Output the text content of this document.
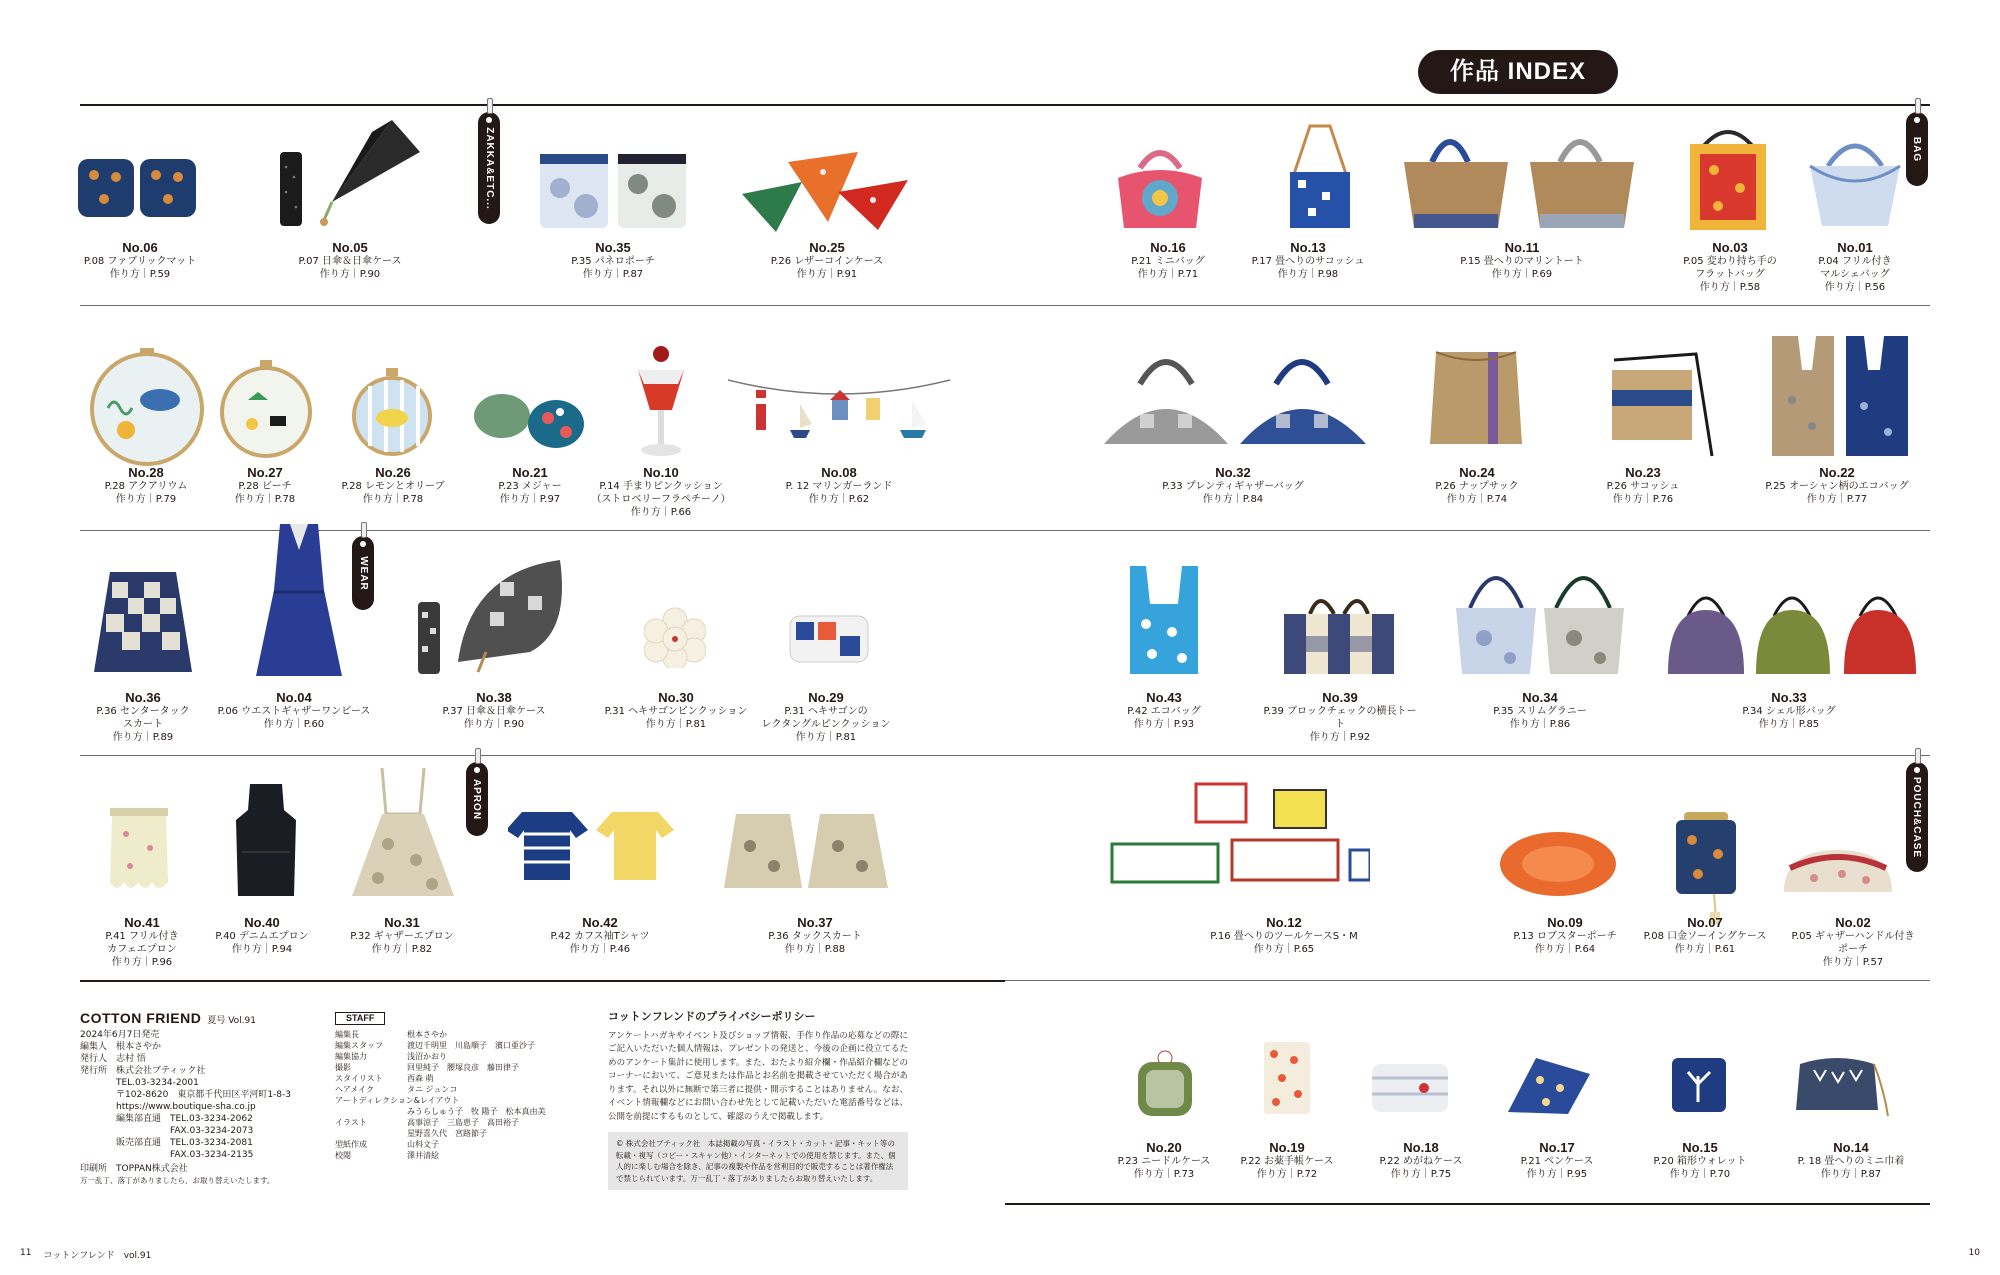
作品 INDEX
ZAKKA&ETC...	BAG
WEAR
APRON	POUCH&CASE
No.06
P.08 ファブリックマット
作り方｜P.59
No.05
P.07 日傘＆日傘ケース
作り方｜P.90
No.35
P.35 パネロポーチ
作り方｜P.87
No.25
P.26 レザーコインケース
作り方｜P.91
No.16
P.21 ミニバッグ
作り方｜P.71
No.13
P.17 畳へりのサコッシュ
作り方｜P.98
No.11
P.15 畳へりのマリントート
作り方｜P.69
No.03
P.05 変わり持ち手の
フラットバッグ
作り方｜P.58
No.01
P.04 フリル付き
マルシェバッグ
作り方｜P.56
No.28
P.28 アクアリウム
作り方｜P.79
No.27
P.28 ビーチ
作り方｜P.78
No.26
P.28 レモンとオリーブ
作り方｜P.78
No.21
P.23 メジャー
作り方｜P.97
No.10
P.14 手まりピンクッション
（ストロベリーフラペチーノ）
作り方｜P.66
No.08
P. 12 マリンガーランド
作り方｜P.62
No.32
P.33 プレンティギャザーバッグ
作り方｜P.84
No.24
P.26 ナップサック
作り方｜P.74
No.23
P.26 サコッシュ
作り方｜P.76
No.22
P.25 オーシャン柄のエコバッグ
作り方｜P.77
No.36
P.36 センタータック
スカート
作り方｜P.89
No.04
P.06 ウエストギャザーワンピース
作り方｜P.60
No.38
P.37 日傘＆日傘ケース
作り方｜P.90
No.30
P.31 ヘキサゴンピンクッション
作り方｜P.81
No.29
P.31 ヘキサゴンの
レクタングルピンクッション
作り方｜P.81
No.43
P.42 エコバッグ
作り方｜P.93
No.39
P.39 ブロックチェックの横長トート
作り方｜P.92
No.34
P.35 スリムグラニー
作り方｜P.86
No.33
P.34 シェル形バッグ
作り方｜P.85
No.41
P.41 フリル付き
カフェエプロン
作り方｜P.96
No.40
P.40 デニムエプロン
作り方｜P.94
No.31
P.32 ギャザーエプロン
作り方｜P.82
No.42
P.42 カフス袖Tシャツ
作り方｜P.46
No.37
P.36 タックスカート
作り方｜P.88
No.12
P.16 畳へりのツールケースS・M
作り方｜P.65
No.09
P.13 ロブスターポーチ
作り方｜P.64
No.07
P.08 口金ソーイングケース
作り方｜P.61
No.02
P.05 ギャザーハンドル付き
ポーチ
作り方｜P.57
No.20
P.23 ニードルケース
作り方｜P.73
No.19
P.22 お薬手帳ケース
作り方｜P.72
No.18
P.22 めがねケース
作り方｜P.75
No.17
P.21 ペンケース
作り方｜P.95
No.15
P.20 箱形ウォレット
作り方｜P.70
No.14
P. 18 畳へりのミニ巾着
作り方｜P.87
COTTON FRIEND 夏号 Vol.91
2024年6月7日発売
編集人　根本さやか
発行人　志村 悟
発行所　株式会社ブティック社
TEL.03-3234-2001
〒102-8620　東京都千代田区平河町1-8-3
https://www.boutique-sha.co.jp
編集部直通　TEL.03-3234-2062
FAX.03-3234-2073
販売部直通　TEL.03-3234-2081
FAX.03-3234-2135
印刷所　TOPPAN株式会社
万一乱丁、落丁がありましたら、お取り替えいたします。
STAFF
編集長	根本さやか
編集スタッフ	渡辺千明里　川島順子　濱口亜沙子
編集協力	浅沼かおり
撮影	回里純子　腰塚良彦　藤田律子
スタイリスト	西森 萌
ヘアメイク	タニ ジュンコ
アートディレクション&レイアウト
みうらしゅう子　牧 陽子　松本真由美
イラスト	高事涼子　三島恵子　高田裕子
星野喜久代　宮路節子
型紙作成	山科文子
校閲	澤井清絵
コットンフレンドのプライバシーポリシー
アンケートハガキやイベント及びショップ情報、手作り作品の応募などの際にご記入いただいた個人情報は、プレゼントの発送と、今後の企画に役立てるためのアンケート集計に使用します。また、おたより紹介欄・作品紹介欄などのコーナーにおいて、ご意見または作品とお名前を掲載させていただく場合があります。それ以外に無断で第三者に提供・開示することはありません。なお、イベント情報欄などにお問い合わせ先として記載いただいた電話番号などは、公開を前提にするものとして、確認のうえで掲載します。
© 株式会社ブティック社　本誌掲載の写真・イラスト・カット・記事・キット等の転載・複写（コピー・スキャン他）・インターネットでの使用を禁じます。また、個人的に楽しむ場合を除き、記事の複製や作品を営利目的で販売することは著作権法で禁じられています。万一乱丁・落丁がありましたらお取り替えいたします。
11 コットンフレンド　vol.91	10
